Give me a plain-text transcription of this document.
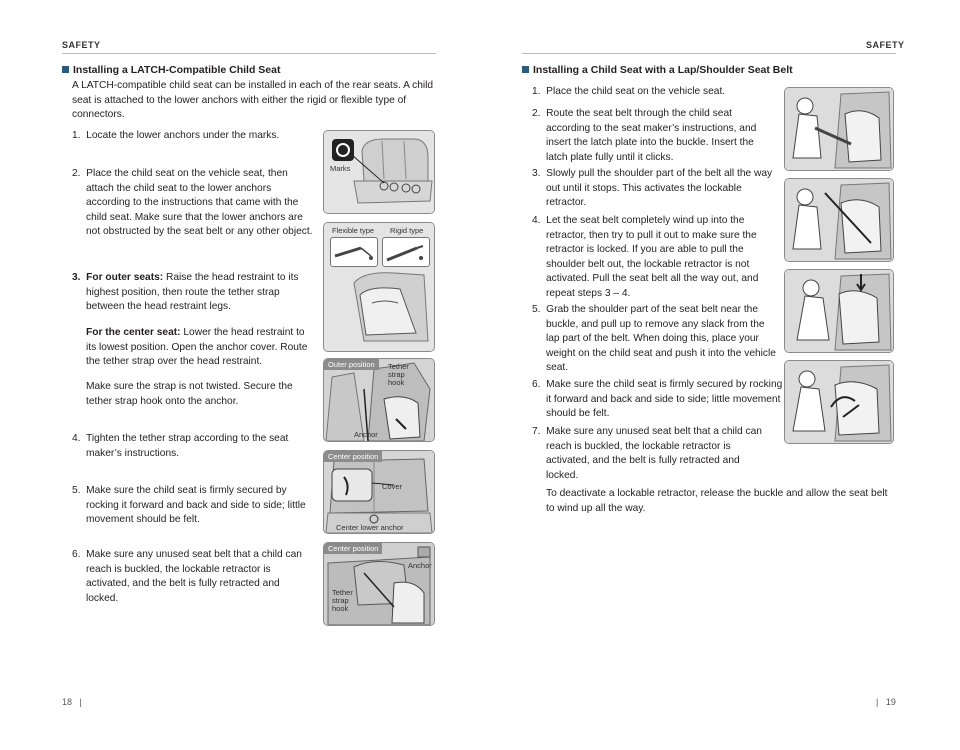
SAFETY
Installing a LATCH-Compatible Child Seat
A LATCH-compatible child seat can be installed in each of the rear seats. A child seat is attached to the lower anchors with either the rigid or flexible type of connectors.
1. Locate the lower anchors under the marks.
2. Place the child seat on the vehicle seat, then attach the child seat to the lower anchors according to the instructions that came with the child seat. Make sure that the lower anchors are not obstructed by the seat belt or any other object.
3. For outer seats: Raise the head restraint to its highest position, then route the tether strap between the head restraint legs.
For the center seat: Lower the head restraint to its lowest position. Open the anchor cover. Route the tether strap over the head restraint.
Make sure the strap is not twisted. Secure the tether strap hook onto the anchor.
4. Tighten the tether strap according to the seat maker’s instructions.
5. Make sure the child seat is firmly secured by rocking it forward and back and side to side; little movement should be felt.
6. Make sure any unused seat belt that a child can reach is buckled, the lockable retractor is activated, and the belt is fully retracted and locked.
Marks
Flexible type Rigid type
Outer position	Tether strap hook
Anchor
Center position
Cover
Center lower anchor
Center position
Anchor
Tether strap hook
18   |
SAFETY
Installing a Child Seat with a Lap/Shoulder Seat Belt
1. Place the child seat on the vehicle seat.
2. Route the seat belt through the child seat according to the seat maker’s instructions, and insert the latch plate into the buckle. Insert the latch plate fully until it clicks.
3. Slowly pull the shoulder part of the belt all the way out until it stops. This activates the lockable retractor.
4. Let the seat belt completely wind up into the retractor, then try to pull it out to make sure the retractor is locked. If you are able to pull the shoulder belt out, the lockable retractor is not activated. Pull the seat belt all the way out, and repeat steps 3 – 4.
5. Grab the shoulder part of the seat belt near the buckle, and pull up to remove any slack from the lap part of the belt. When doing this, place your weight on the child seat and push it into the vehicle seat.
6. Make sure the child seat is firmly secured by rocking it forward and back and side to side; little movement should be felt.
7. Make sure any unused seat belt that a child can reach is buckled, the lockable retractor is activated, and the belt is fully retracted and locked.
To deactivate a lockable retractor, release the buckle and allow the seat belt to wind up all the way.
|   19
